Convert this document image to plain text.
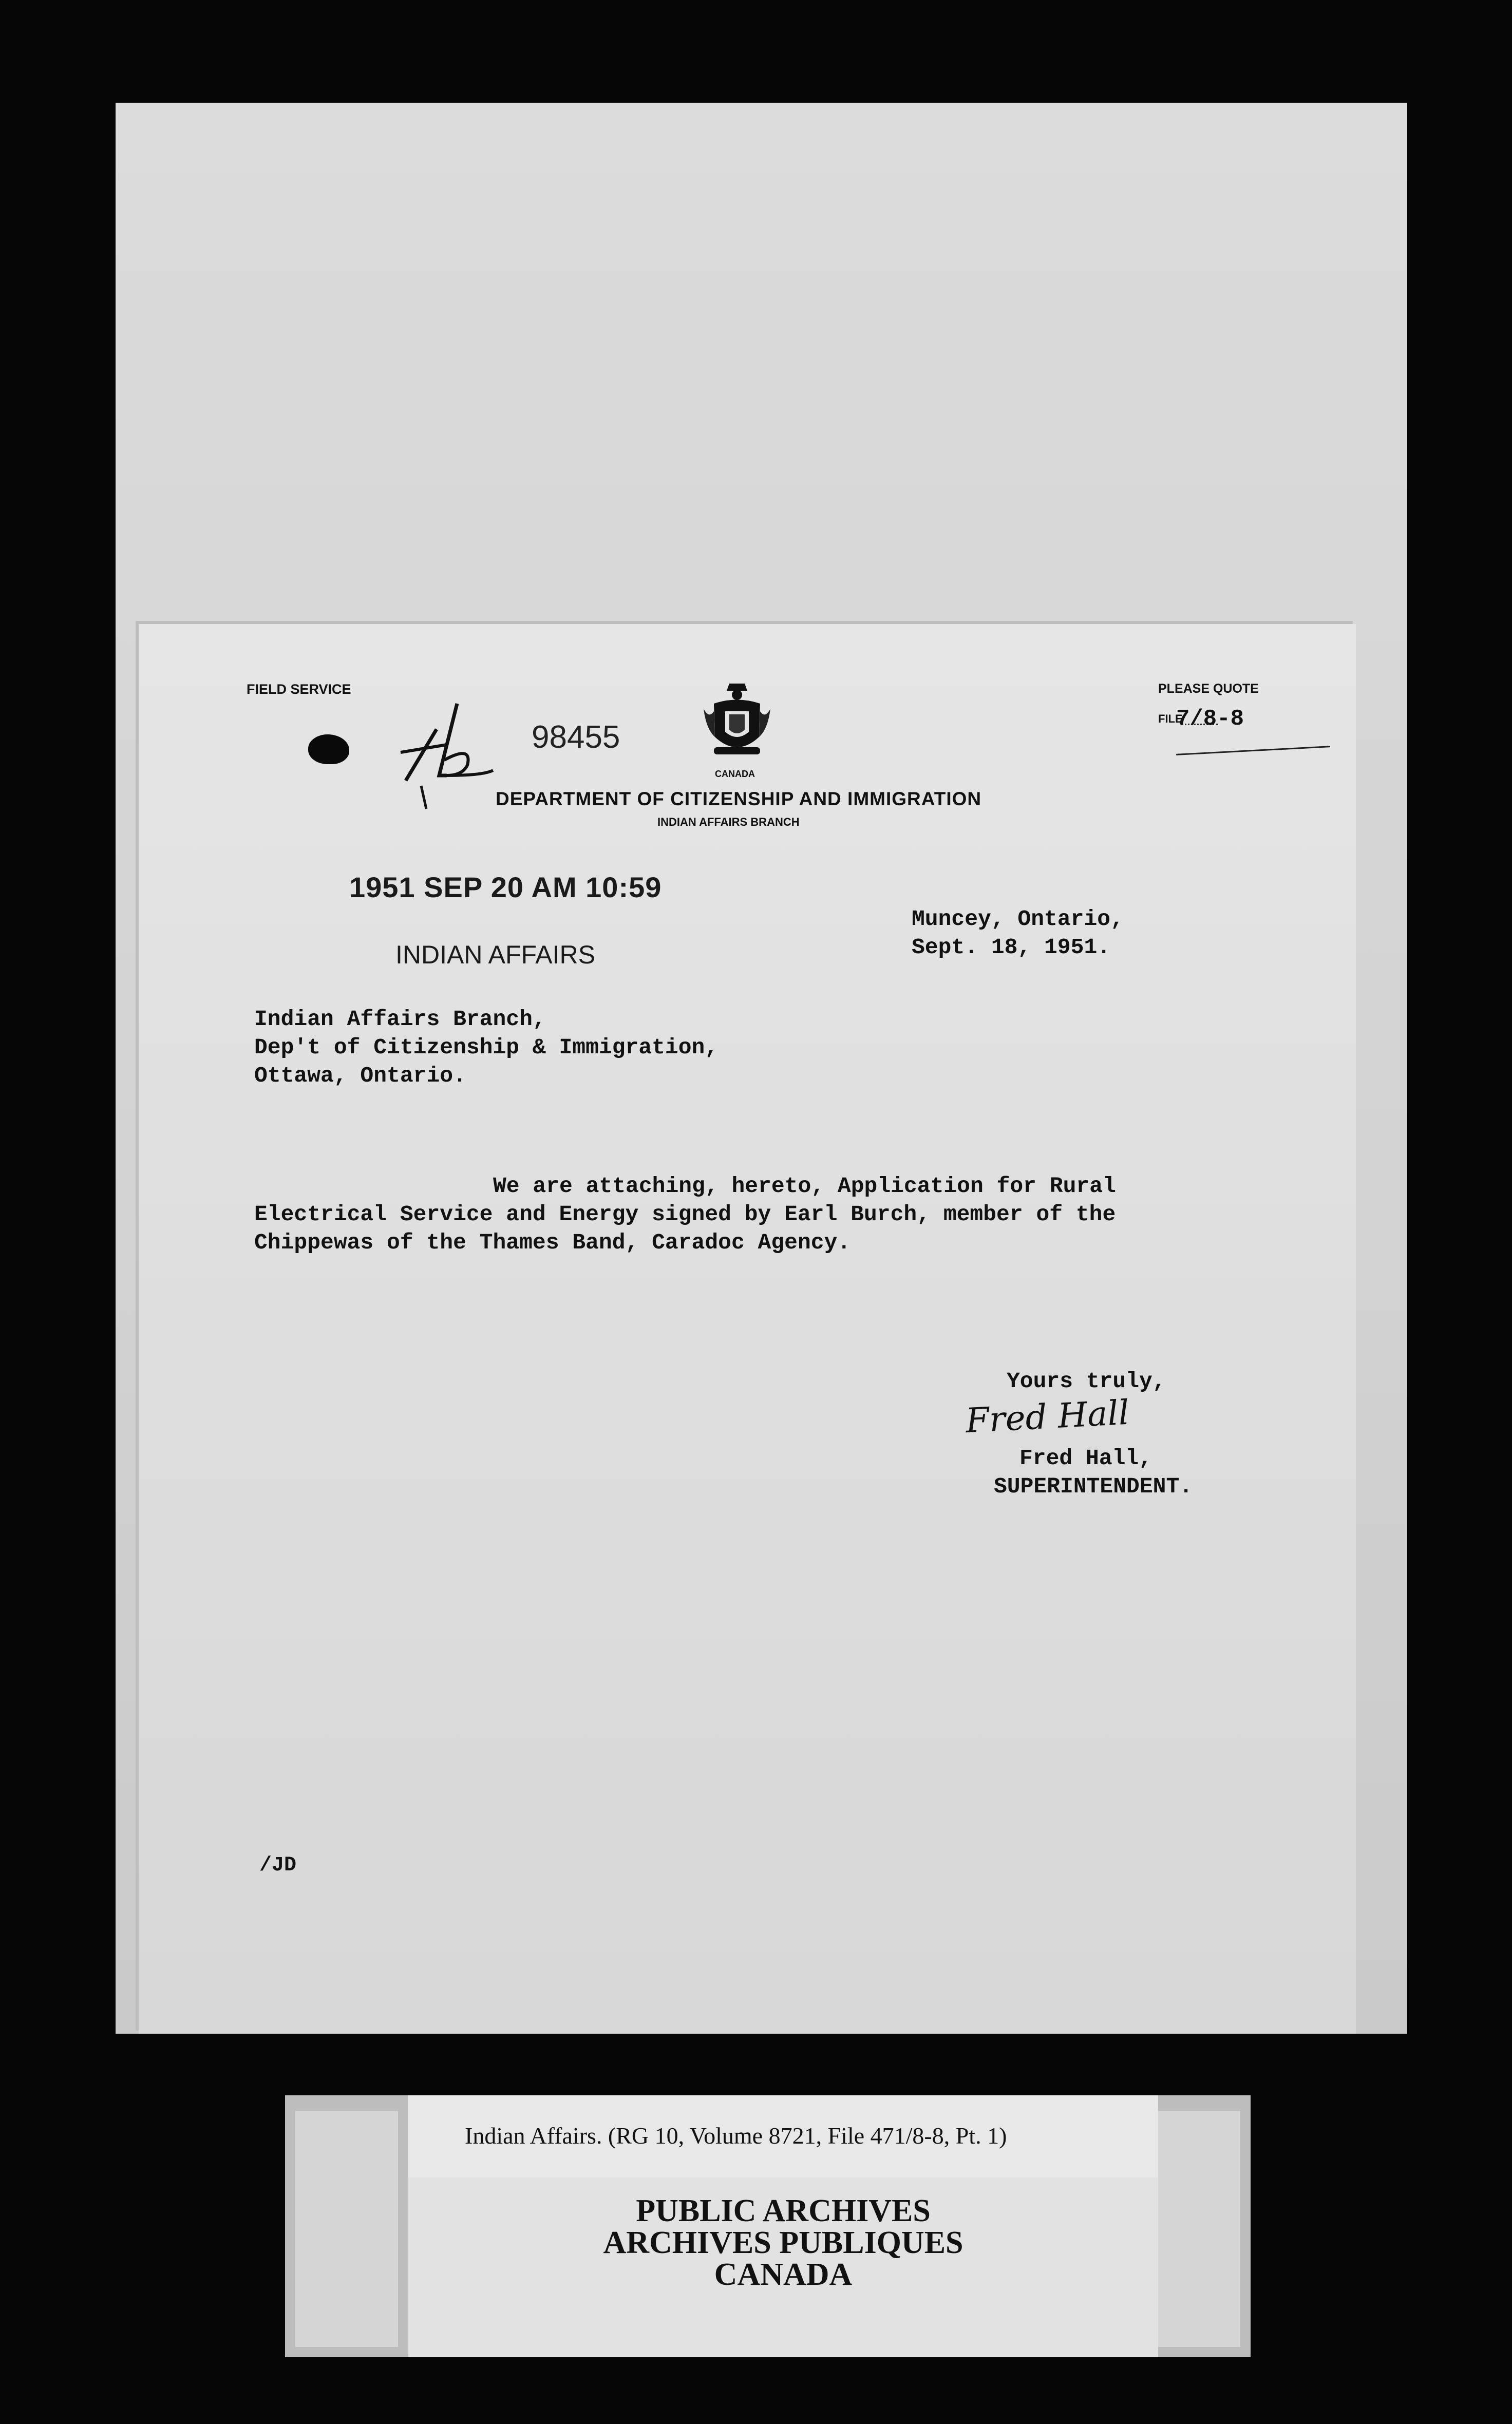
FIELD SERVICE	PLEASE QUOTE
FILE
7/8-8
CANADA
DEPARTMENT OF CITIZENSHIP AND IMMIGRATION
INDIAN AFFAIRS BRANCH
98455
1951 SEP 20 AM 10:59
INDIAN AFFAIRS
Muncey, Ontario,
Sept. 18, 1951.
Indian Affairs Branch,
Dep't of Citizenship & Immigration,
Ottawa, Ontario.
We are attaching, hereto, Application for Rural
Electrical Service and Energy signed by Earl Burch, member of the
Chippewas of the Thames Band, Caradoc Agency.
Yours truly,
Fred Hall
Fred Hall,
SUPERINTENDENT.
/JD
Indian Affairs. (RG 10, Volume 8721, File 471/8-8, Pt. 1)
PUBLIC ARCHIVES
ARCHIVES PUBLIQUES
CANADA
